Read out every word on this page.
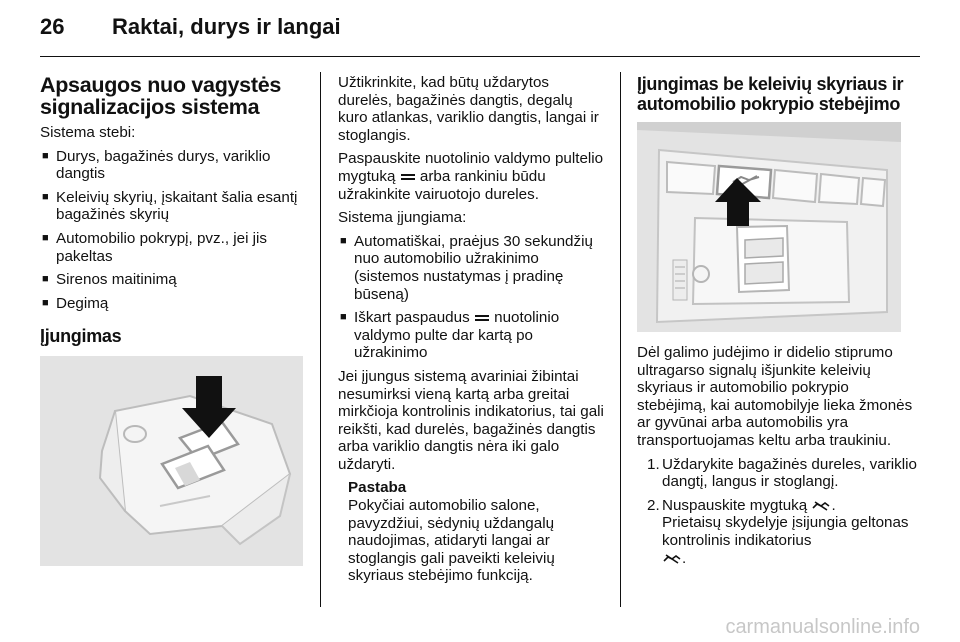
26 Raktai, durys ir langai
Apsaugos nuo vagystės signalizacijos sistema

Sistema stebi:

■ Durys, bagažinės durys, variklio dangtis
■ Keleivių skyrių, įskaitant šalia esantį bagažinės skyrių
■ Automobilio pokrypį, pvz., jei jis pakeltas
■ Sirenos maitinimą
■ Degimą
Įjungimas

Užtikrinkite, kad būtų uždarytos durelės, bagažinės dangtis, degalų kuro atlankas, variklio dangtis, langai ir stoglangis.

Paspauskite nuotolinio valdymo pultelio mygtuką arba rankiniu būdu užrakinkite vairuotojo dureles.

Sistema įjungiama:

■ Automatiškai, praėjus 30 sekundžių nuo automobilio užrakinimo (sistemos nustatymas į pradinę būseną)
■ Iškart paspaudus nuotolinio valdymo pulte dar kartą po užrakinimo

Jei įjungus sistemą avariniai žibintai nesumirksi vieną kartą arba greitai mirkčioja kontrolinis indikatorius, tai gali reikšti, kad durelės, bagažinės dangtis arba variklio dangtis nėra iki galo uždaryti.

Pastaba
Pokyčiai automobilio salone, pavyzdžiui, sėdynių uždangalų naudojimas, atidaryti langai ar stoglangis gali paveikti keleivių skyriaus stebėjimo funkciją.
Įjungimas be keleivių skyriaus ir automobilio pokrypio stebėjimo

Dėl galimo judėjimo ir didelio stiprumo ultragarso signalų išjunkite keleivių skyriaus ir automobilio pokrypio stebėjimą, kai automobilyje lieka žmonės ar gyvūnai arba automobilis yra transportuojamas keltu arba traukiniu.

1. Uždarykite bagažinės dureles, variklio dangtį, langus ir stoglangį.
2. Nuspauskite mygtuką .
Prietaisų skydelyje įsijungia geltonas kontrolinis indikatorius
.
carmanualsonline.info
